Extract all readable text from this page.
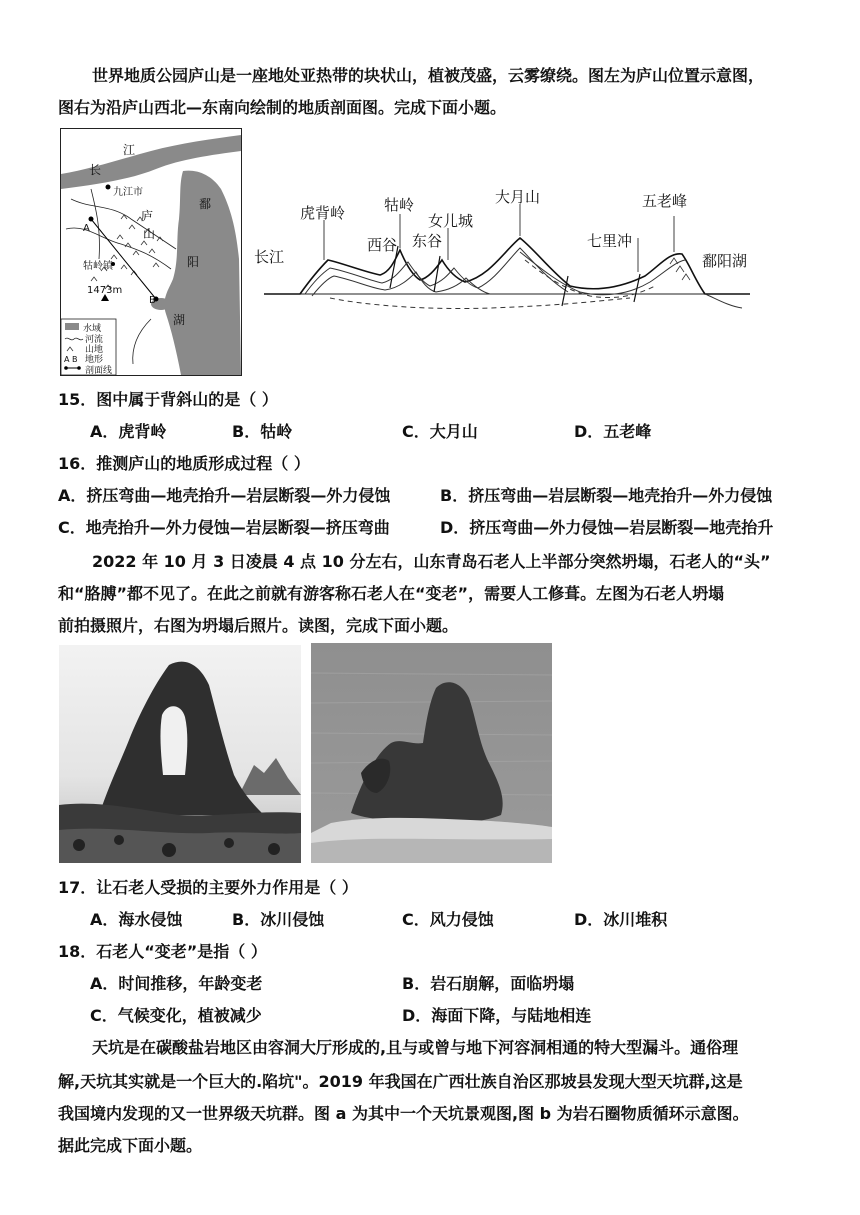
世界地质公园庐山是一座地处亚热带的块状山，植被茂盛，云雾缭绕。图左为庐山位置示意图，
图右为沿庐山西北—东南向绘制的地质剖面图。完成下面小题。
长
江
九江市
庐
山
牯岭镇
1473m
鄱
阳
湖
A
B
水域
河流
山地
地形
A B
剖面线
长江
虎背岭	牯岭
西谷 东谷
女儿城
大月山
七里冲
五老峰
鄱阳湖
15．图中属于背斜山的是（ ）
A．虎背岭	B．牯岭	C．大月山	D．五老峰
16．推测庐山的地质形成过程（ ）
A．挤压弯曲—地壳抬升—岩层断裂—外力侵蚀	B．挤压弯曲—岩层断裂—地壳抬升—外力侵蚀
C．地壳抬升—外力侵蚀—岩层断裂—挤压弯曲	D．挤压弯曲—外力侵蚀—岩层断裂—地壳抬升
2022 年 10 月 3 日凌晨 4 点 10 分左右，山东青岛石老人上半部分突然坍塌，石老人的“头”
和“胳膊”都不见了。在此之前就有游客称石老人在“变老”，需要人工修葺。左图为石老人坍塌
前拍摄照片，右图为坍塌后照片。读图，完成下面小题。
17．让石老人受损的主要外力作用是（ ）
A．海水侵蚀	B．冰川侵蚀	C．风力侵蚀	D．冰川堆积
18．石老人“变老”是指（ ）
A．时间推移，年龄变老	B．岩石崩解，面临坍塌
C．气候变化，植被减少	D．海面下降，与陆地相连
天坑是在碳酸盐岩地区由容洞大厅形成的,且与或曾与地下河容洞相通的特大型漏斗。通俗理
解,天坑其实就是一个巨大的.陷坑"。2019 年我国在广西壮族自治区那坡县发现大型天坑群,这是
我国境内发现的又一世界级天坑群。图 a 为其中一个天坑景观图,图 b 为岩石圈物质循环示意图。
据此完成下面小题。
